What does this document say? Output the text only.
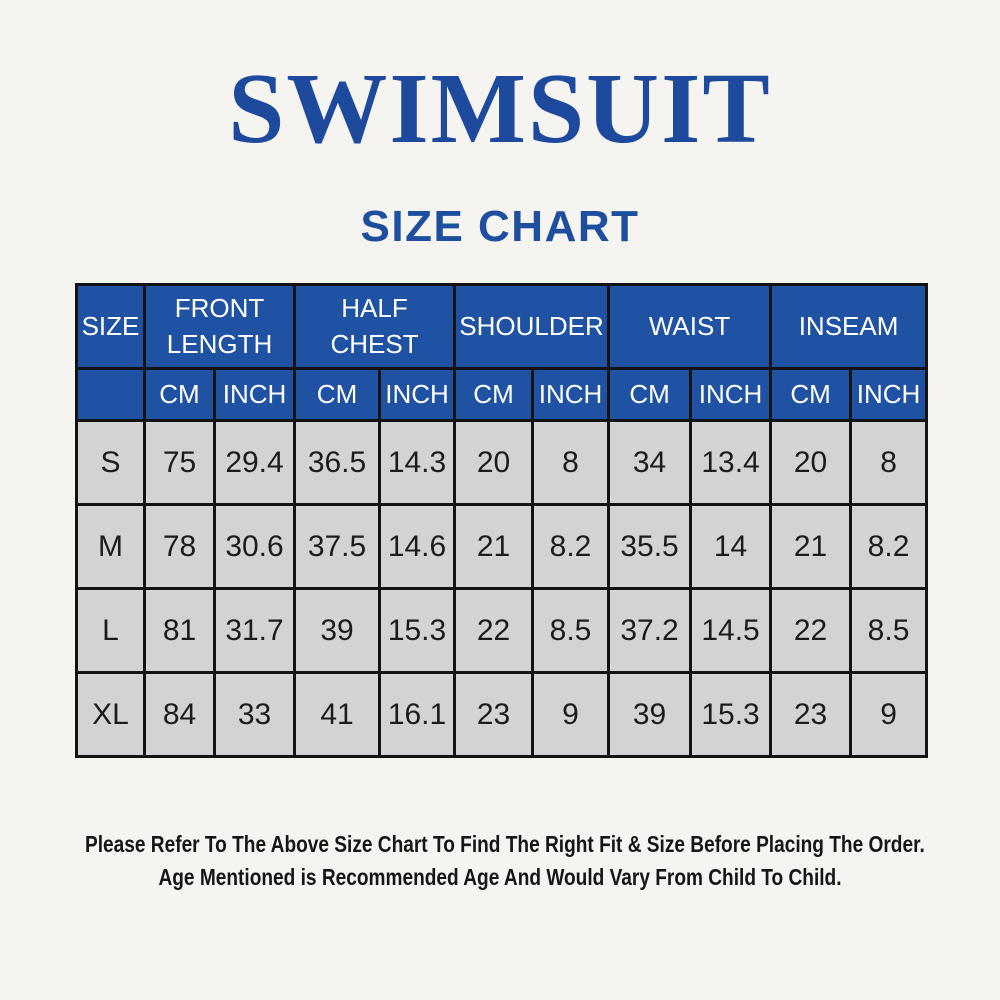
SWIMSUIT
SIZE CHART
SIZE	FRONT LENGTH		HALF CHEST		SHOULDER		WAIST		INSEAM	
	CM	INCH	CM	INCH	CM	INCH	CM	INCH	CM	INCH
S	75	29.4	36.5	14.3	20	8	34	13.4	20	8
M	78	30.6	37.5	14.6	21	8.2	35.5	14	21	8.2
L	81	31.7	39	15.3	22	8.5	37.2	14.5	22	8.5
XL	84	33	41	16.1	23	9	39	15.3	23	9
Please Refer To The Above Size Chart To Find The Right Fit & Size Before Placing The Order.
Age Mentioned is Recommended Age And Would Vary From Child To Child.
